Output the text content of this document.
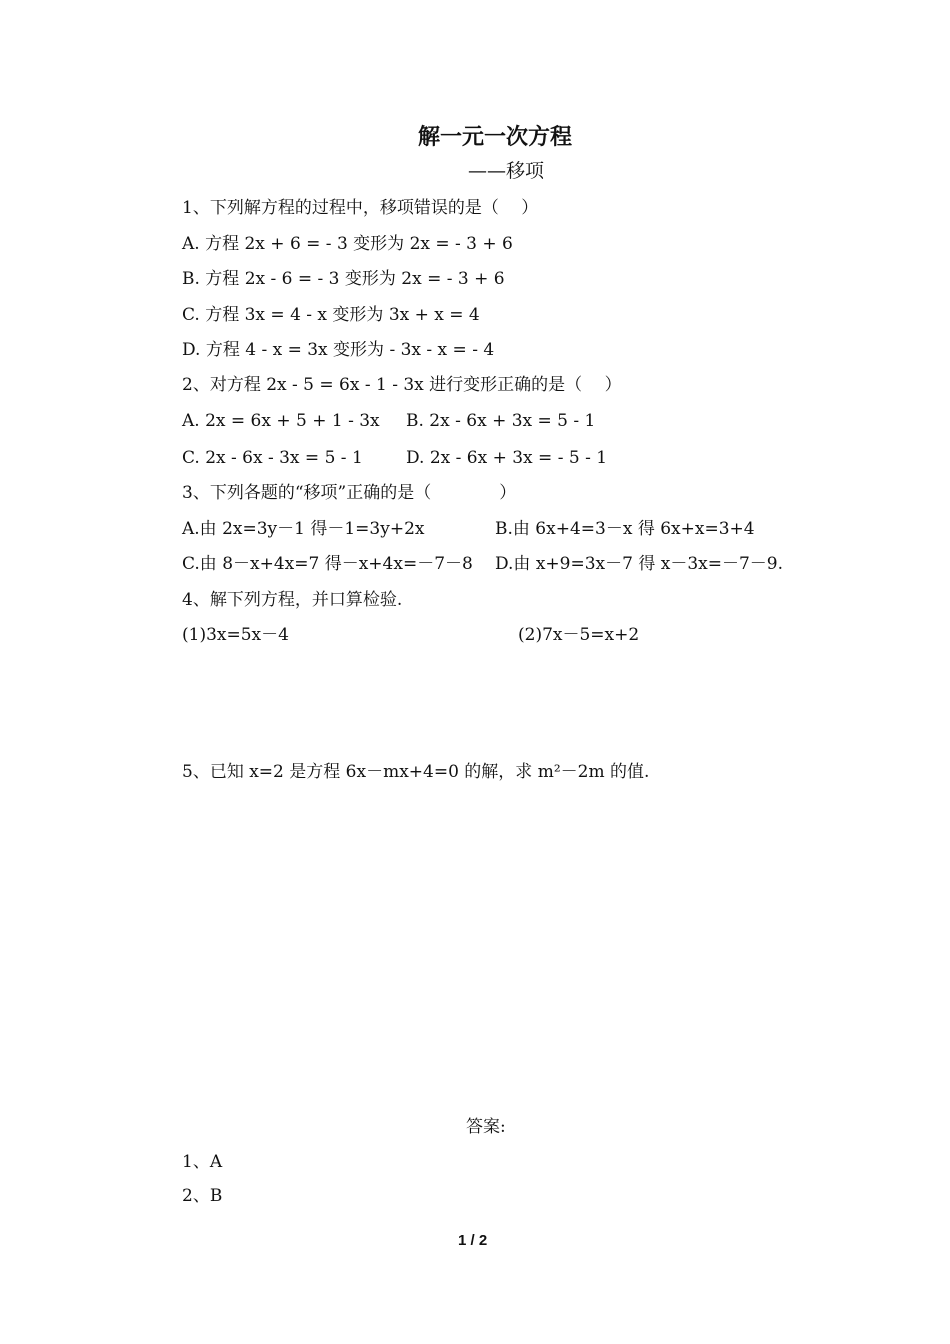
解一元一次方程
——移项
1、下列解方程的过程中，移项错误的是（　 ）
A. 方程 2x + 6 = - 3 变形为 2x = - 3 + 6
B. 方程 2x - 6 = - 3 变形为 2x = - 3 + 6
C. 方程 3x = 4 - x 变形为 3x + x = 4
D. 方程 4 - x = 3x 变形为 - 3x - x = - 4
2、对方程 2x - 5 = 6x - 1 - 3x 进行变形正确的是（　 ）
A. 2x = 6x + 5 + 1 - 3x B. 2x - 6x + 3x = 5 - 1
C. 2x - 6x - 3x = 5 - 1	D. 2x - 6x + 3x = - 5 - 1
3、下列各题的“移项”正确的是（　　　　）
A.由 2x=3y－1 得－1=3y+2x	B.由 6x+4=3－x 得 6x+x=3+4
C.由 8－x+4x=7 得－x+4x=－7－8 D.由 x+9=3x－7 得 x－3x=－7－9.
4、解下列方程，并口算检验.
(1)3x=5x－4	(2)7x－5=x+2
5、已知 x=2 是方程 6x－mx+4=0 的解，求 m²－2m 的值.
答案:
1、A
2、B
1 / 2
